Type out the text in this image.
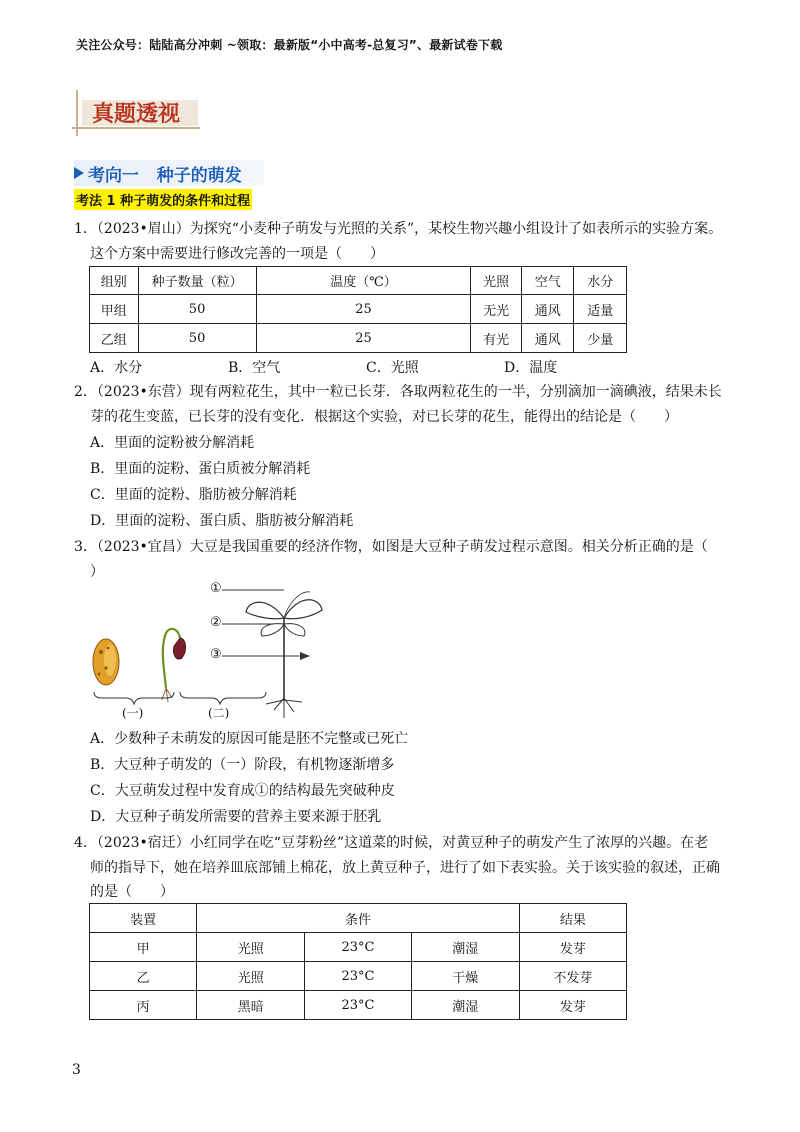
关注公众号：陆陆高分冲刺 ~领取：最新版“小中高考-总复习”、最新试卷下载
真题透视
考向一   种子的萌发
考法 1 种子萌发的条件和过程
1．（2023•眉山）为探究“小麦种子萌发与光照的关系”，某校生物兴趣小组设计了如表所示的实验方案。
这个方案中需要进行修改完善的一项是（　　）
组别	种子数量（粒）	温度（℃）	光照	空气	水分
甲组	50	25	无光	通风	适量
乙组	50	25	有光	通风	少量
A．水分	B．空气	C．光照	D．温度
2．（2023•东营）现有两粒花生，其中一粒已长芽．各取两粒花生的一半，分别滴加一滴碘液，结果未长
芽的花生变蓝，已长芽的没有变化．根据这个实验，对已长芽的花生，能得出的结论是（　　）
A．里面的淀粉被分解消耗
B．里面的淀粉、蛋白质被分解消耗
C．里面的淀粉、脂肪被分解消耗
D．里面的淀粉、蛋白质、脂肪被分解消耗
3．（2023•宜昌）大豆是我国重要的经济作物，如图是大豆种子萌发过程示意图。相关分析正确的是（
）
①
②
③
(一)	(二)
A．少数种子未萌发的原因可能是胚不完整或已死亡
B．大豆种子萌发的（一）阶段，有机物逐渐增多
C．大豆萌发过程中发育成①的结构最先突破种皮
D．大豆种子萌发所需要的营养主要来源于胚乳
4．（2023•宿迁）小红同学在吃“豆芽粉丝”这道菜的时候，对黄豆种子的萌发产生了浓厚的兴趣。在老
师的指导下，她在培养皿底部铺上棉花，放上黄豆种子，进行了如下表实验。关于该实验的叙述，正确
的是（　　）
装置	条件			结果
甲	光照	23°C	潮湿	发芽
乙	光照	23°C	干燥	不发芽
丙	黑暗	23°C	潮湿	发芽
3
